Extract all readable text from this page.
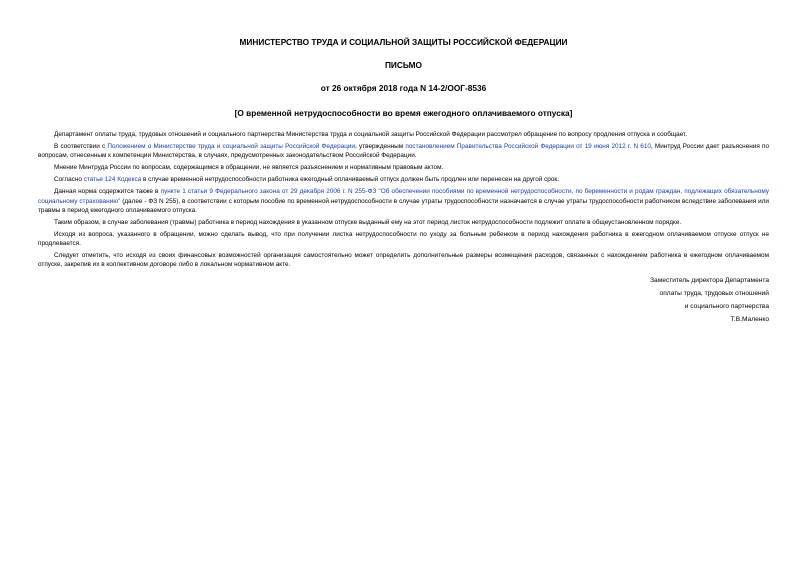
МИНИСТЕРСТВО ТРУДА И СОЦИАЛЬНОЙ ЗАЩИТЫ РОССИЙСКОЙ ФЕДЕРАЦИИ
ПИСЬМО
от 26 октября 2018 года N 14-2/ООГ-8536
[О временной нетрудоспособности во время ежегодного оплачиваемого отпуска]

Департамент оплаты труда, трудовых отношений и социального партнерства Министерства труда и социальной защиты Российской Федерации рассмотрел обращение по вопросу продления отпуска и сообщает.

В соответствии с Положением о Министерстве труда и социальной защиты Российской Федерации, утвержденным постановлением Правительства Российской Федерации от 19 июня 2012 г. N 610, Минтруд России дает разъяснения по вопросам, отнесенным к компетенции Министерства, в случаях, предусмотренных законодательством Российской Федерации.

Мнение Минтруда России по вопросам, содержащимся в обращении, не является разъяснением и нормативным правовым актом.

Согласно статье 124 Кодекса в случае временной нетрудоспособности работника ежегодный оплачиваемый отпуск должен быть продлен или перенесен на другой срок.

Данная норма содержится также в пункте 1 статьи 9 Федерального закона от 29 декабря 2006 г. N 255-ФЗ "Об обеспечении пособиями по временной нетрудоспособности, по беременности и родам граждан, подлежащих обязательному социальному страхованию" (далее - ФЗ N 255), в соответствии с которым пособие по временной нетрудоспособности в случае утраты трудоспособности назначается в случае утраты трудоспособности работником вследствие заболевания или травмы в период ежегодного оплачиваемого отпуска.

Таким образом, в случае заболевания (травмы) работника в период нахождения в указанном отпуске выданный ему на этот период листок нетрудоспособности подлежит оплате в общеустановленном порядке.

Исходя из вопроса, указанного в обращении, можно сделать вывод, что при получении листка нетрудоспособности по уходу за больным ребенком в период нахождения работника в ежегодном оплачиваемом отпуске отпуск не продлевается.

Следует отметить, что исходя из своих финансовых возможностей организация самостоятельно может определить дополнительные размеры возмещения расходов, связанных с нахождением работника в ежегодном оплачиваемом отпуске, закрепив их в коллективном договоре либо в локальном нормативном акте.

Заместитель директора Департамента
оплаты труда, трудовых отношений
и социального партнерства
Т.В.Маленко
